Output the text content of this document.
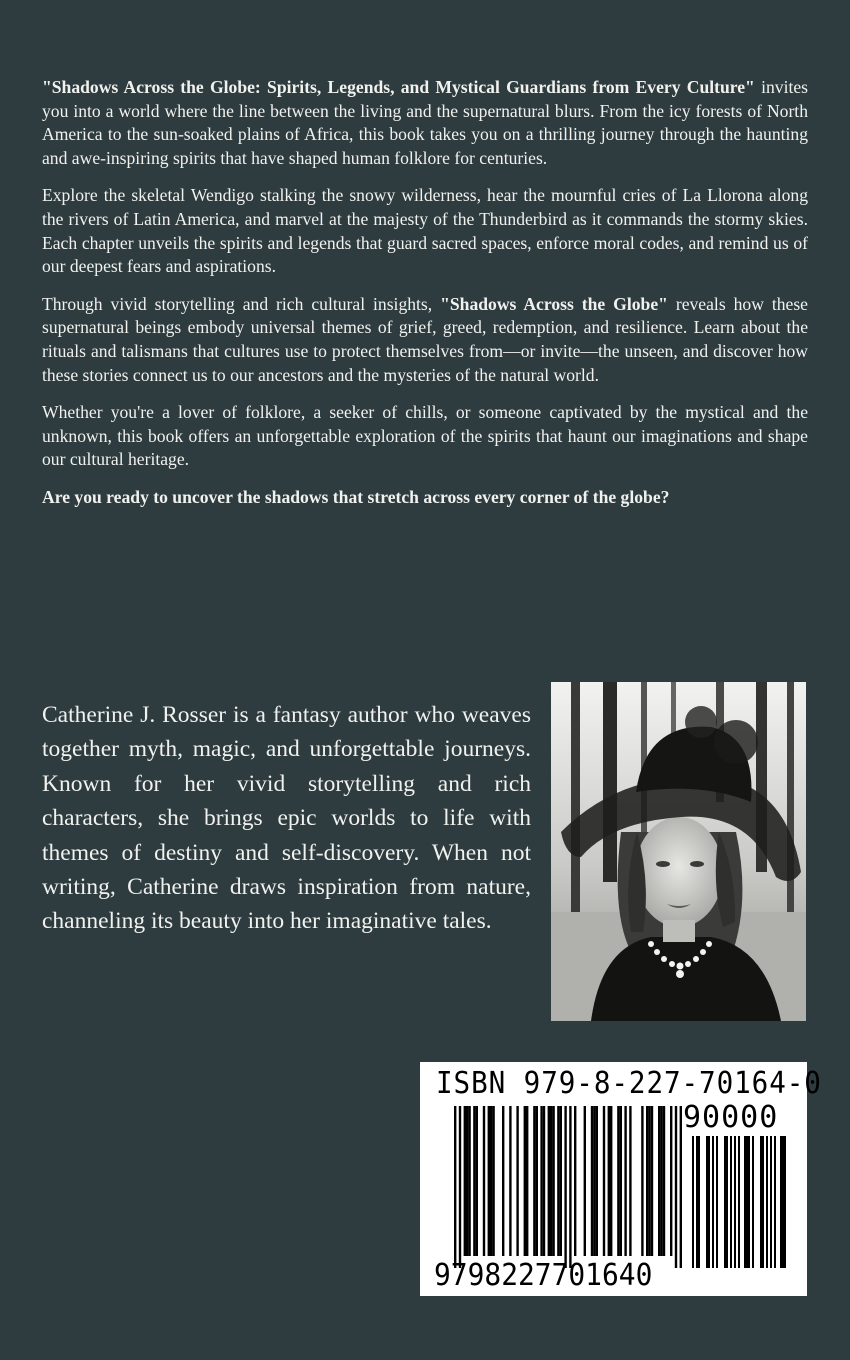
"Shadows Across the Globe: Spirits, Legends, and Mystical Guardians from Every Culture" invites you into a world where the line between the living and the supernatural blurs. From the icy forests of North America to the sun-soaked plains of Africa, this book takes you on a thrilling journey through the haunting and awe-inspiring spirits that have shaped human folklore for centuries.

Explore the skeletal Wendigo stalking the snowy wilderness, hear the mournful cries of La Llorona along the rivers of Latin America, and marvel at the majesty of the Thunderbird as it commands the stormy skies. Each chapter unveils the spirits and legends that guard sacred spaces, enforce moral codes, and remind us of our deepest fears and aspirations.

Through vivid storytelling and rich cultural insights, "Shadows Across the Globe" reveals how these supernatural beings embody universal themes of grief, greed, redemption, and resilience. Learn about the rituals and talismans that cultures use to protect themselves from—or invite—the unseen, and discover how these stories connect us to our ancestors and the mysteries of the natural world.

Whether you're a lover of folklore, a seeker of chills, or someone captivated by the mystical and the unknown, this book offers an unforgettable exploration of the spirits that haunt our imaginations and shape our cultural heritage.

Are you ready to uncover the shadows that stretch across every corner of the globe?

Catherine J. Rosser is a fantasy author who weaves together myth, magic, and unforgettable journeys. Known for her vivid storytelling and rich characters, she brings epic worlds to life with themes of destiny and self-discovery. When not writing, Catherine draws inspiration from nature, channeling its beauty into her imaginative tales.
ISBN 979-8-227-70164-0
90000
9798227701640
